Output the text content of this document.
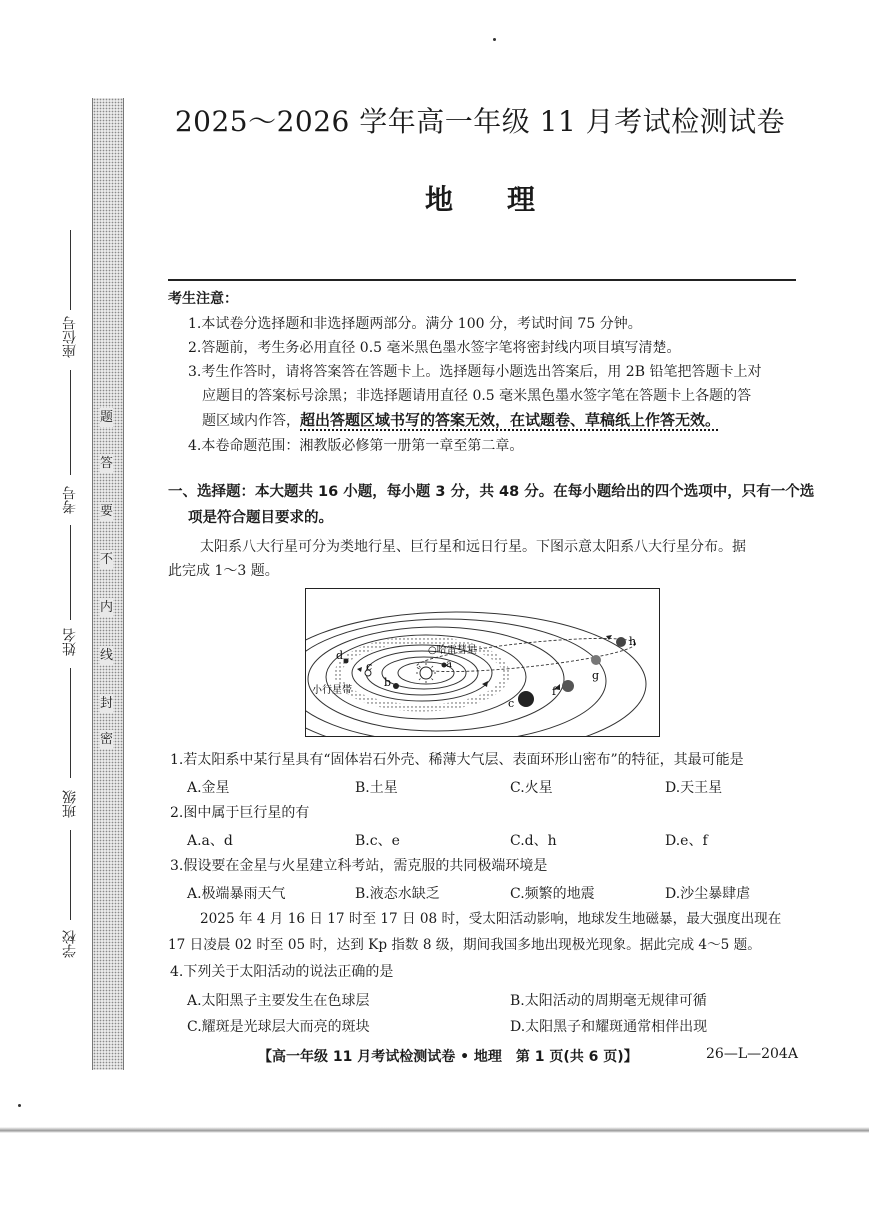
题
答
要
不
内
线
封
密
学校
班级
姓名
考号
座位号
2025～2026 学年高一年级 11 月考试检测试卷
地理
考生注意：
1.本试卷分选择题和非选择题两部分。满分 100 分，考试时间 75 分钟。
2.答题前，考生务必用直径 0.5 毫米黑色墨水签字笔将密封线内项目填写清楚。
3.考生作答时，请将答案答在答题卡上。选择题每小题选出答案后，用 2B 铅笔把答题卡上对
应题目的答案标号涂黑；非选择题请用直径 0.5 毫米黑色墨水签字笔在答题卡上各题的答
题区域内作答，超出答题区域书写的答案无效，在试题卷、草稿纸上作答无效。
4.本卷命题范围：湘教版必修第一册第一章至第二章。
一、选择题：本大题共 16 小题，每小题 3 分，共 48 分。在每小题给出的四个选项中，只有一个选
项是符合题目要求的。
太阳系八大行星可分为类地行星、巨行星和远日行星。下图示意太阳系八大行星分布。据
此完成 1～3 题。
○哈雷彗星
a
b
c
d
c
f
g
h
小行星带
1.若太阳系中某行星具有“固体岩石外壳、稀薄大气层、表面环形山密布”的特征，其最可能是
A.金星	B.土星	C.火星	D.天王星
2.图中属于巨行星的有
A.a、d	B.c、e	C.d、h	D.e、f
3.假设要在金星与火星建立科考站，需克服的共同极端环境是
A.极端暴雨天气	B.液态水缺乏	C.频繁的地震	D.沙尘暴肆虐
2025 年 4 月 16 日 17 时至 17 日 08 时，受太阳活动影响，地球发生地磁暴，最大强度出现在
17 日凌晨 02 时至 05 时，达到 Kp 指数 8 级，期间我国多地出现极光现象。据此完成 4～5 题。
4.下列关于太阳活动的说法正确的是
A.太阳黑子主要发生在色球层	B.太阳活动的周期毫无规律可循
C.耀斑是光球层大而亮的斑块	D.太阳黑子和耀斑通常相伴出现
【高一年级 11 月考试检测试卷 • 地理　第 1 页(共 6 页)】	26—L—204A
